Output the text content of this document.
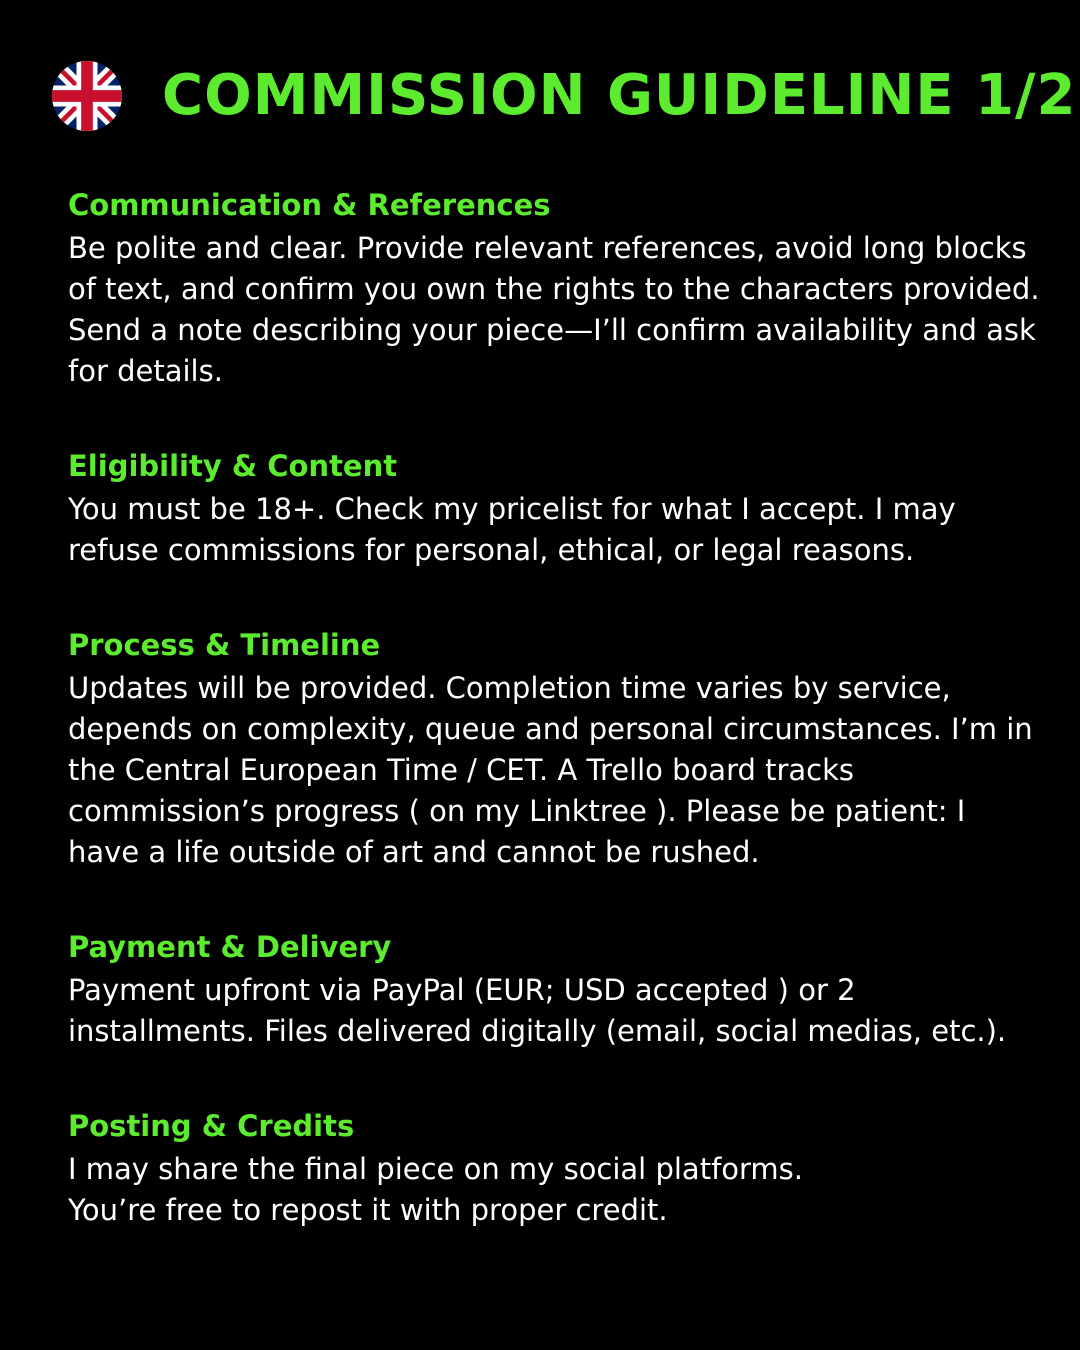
COMMISSION GUIDELINE 1/2
Communication & References

Be polite and clear. Provide relevant references, avoid long blocks of text, and confirm you own the rights to the characters provided. Send a note describing your piece—I’ll confirm availability and ask for details.

Eligibility & Content

You must be 18+. Check my pricelist for what I accept. I may refuse commissions for personal, ethical, or legal reasons.

Process & Timeline

Updates will be provided. Completion time varies by service, depends on complexity, queue and personal circumstances. I’m in the Central European Time / CET. A Trello board tracks commission’s progress ( on my Linktree ). Please be patient: I have a life outside of art and cannot be rushed.

Payment & Delivery

Payment upfront via PayPal (EUR; USD accepted ) or 2 installments. Files delivered digitally (email, social medias, etc.).

Posting & Credits

I may share the final piece on my social platforms.
You’re free to repost it with proper credit.
